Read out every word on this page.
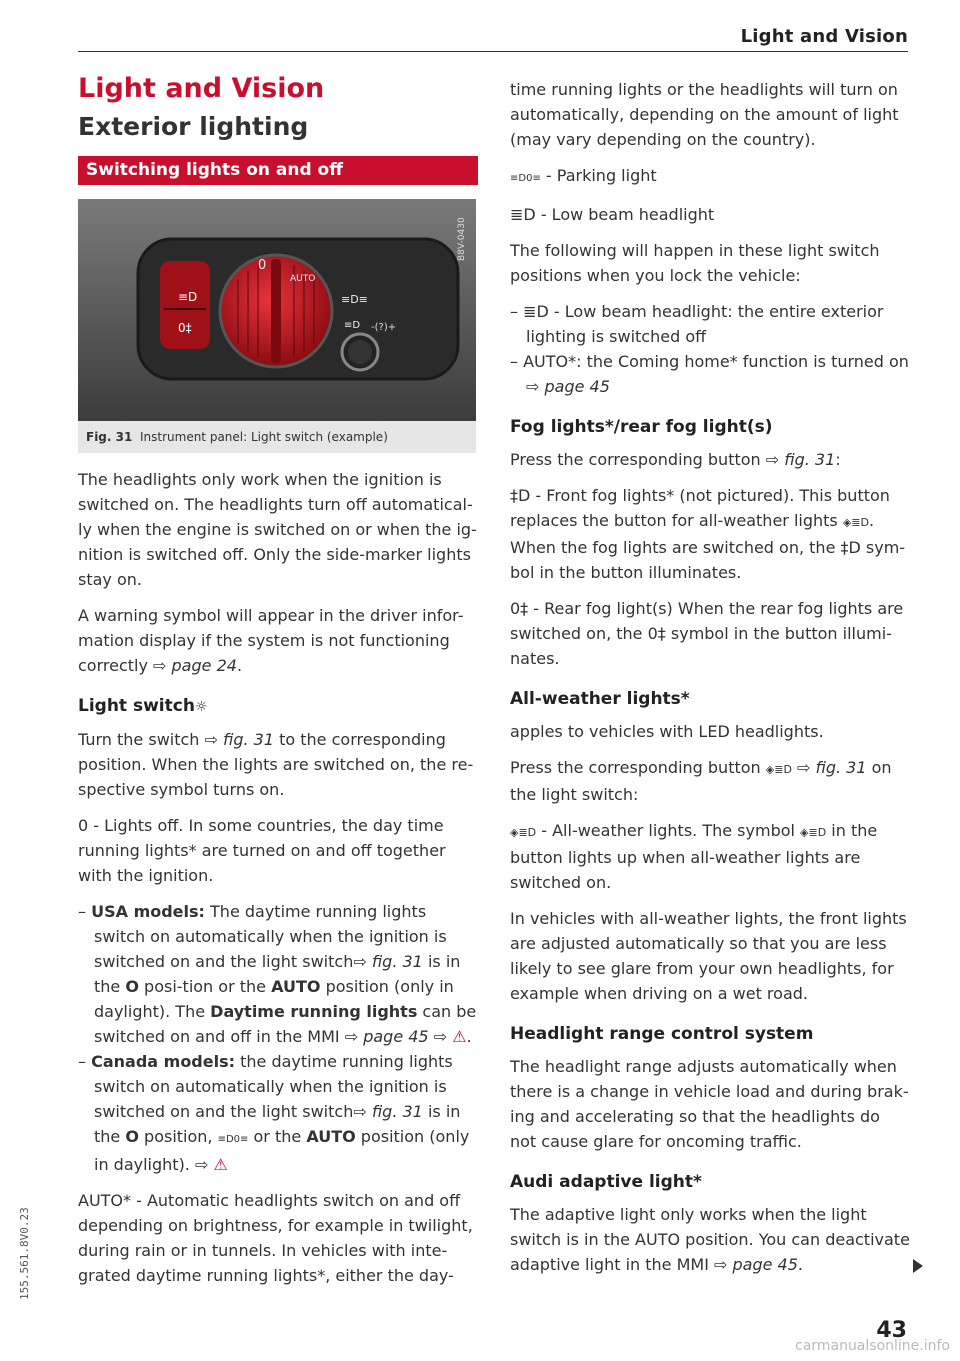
Light and Vision
Light and Vision
Exterior lighting
Switching lights on and off
≡D
0‡
0
AUTO
≡D≡
≡D -(?)+
B8V-0430
Fig. 31 Instrument panel: Light switch (example)

The headlights only work when the ignition is switched on. The headlights turn off automatical-ly when the engine is switched on or when the ig-nition is switched off. Only the side-marker lights stay on.

A warning symbol will appear in the driver infor-mation display if the system is not functioning correctly ⇨ page 24.

Light switch☼

Turn the switch ⇨ fig. 31 to the corresponding position. When the lights are switched on, the re-spective symbol turns on.

0 - Lights off. In some countries, the day time running lights* are turned on and off together with the ignition.

– USA models: The daytime running lights switch on automatically when the ignition is switched on and the light switch⇨ fig. 31 is in the O posi-tion or the AUTO position (only in daylight). The Daytime running lights can be switched on and off in the MMI ⇨ page 45 ⇨ ⚠.

– Canada models: the daytime running lights switch on automatically when the ignition is switched on and the light switch⇨ fig. 31 is in the O position, ≡D0≡ or the AUTO position (only in daylight). ⇨ ⚠

AUTO* - Automatic headlights switch on and off depending on brightness, for example in twilight, during rain or in tunnels. In vehicles with inte-grated daytime running lights*, either the day-

time running lights or the headlights will turn on automatically, depending on the amount of light (may vary depending on the country).

≡D0≡ - Parking light

≣D - Low beam headlight

The following will happen in these light switch positions when you lock the vehicle:

– ≣D - Low beam headlight: the entire exterior lighting is switched off

– AUTO*: the Coming home* function is turned on ⇨ page 45

Fog lights*/rear fog light(s)

Press the corresponding button ⇨ fig. 31:

‡D - Front fog lights* (not pictured). This button replaces the button for all-weather lights ◈≣D. When the fog lights are switched on, the ‡D sym-bol in the button illuminates.

0‡ - Rear fog light(s) When the rear fog lights are switched on, the 0‡ symbol in the button illumi-nates.

All-weather lights*

apples to vehicles with LED headlights.

Press the corresponding button ◈≣D ⇨ fig. 31 on the light switch:

◈≣D - All-weather lights. The symbol ◈≣D in the button lights up when all-weather lights are switched on.

In vehicles with all-weather lights, the front lights are adjusted automatically so that you are less likely to see glare from your own headlights, for example when driving on a wet road.

Headlight range control system

The headlight range adjusts automatically when there is a change in vehicle load and during brak-ing and accelerating so that the headlights do not cause glare for oncoming traffic.

Audi adaptive light*

The adaptive light only works when the light switch is in the AUTO position. You can deactivate adaptive light in the MMI ⇨ page 45.

43
155.561.8V0.23
carmanualsonline.info
